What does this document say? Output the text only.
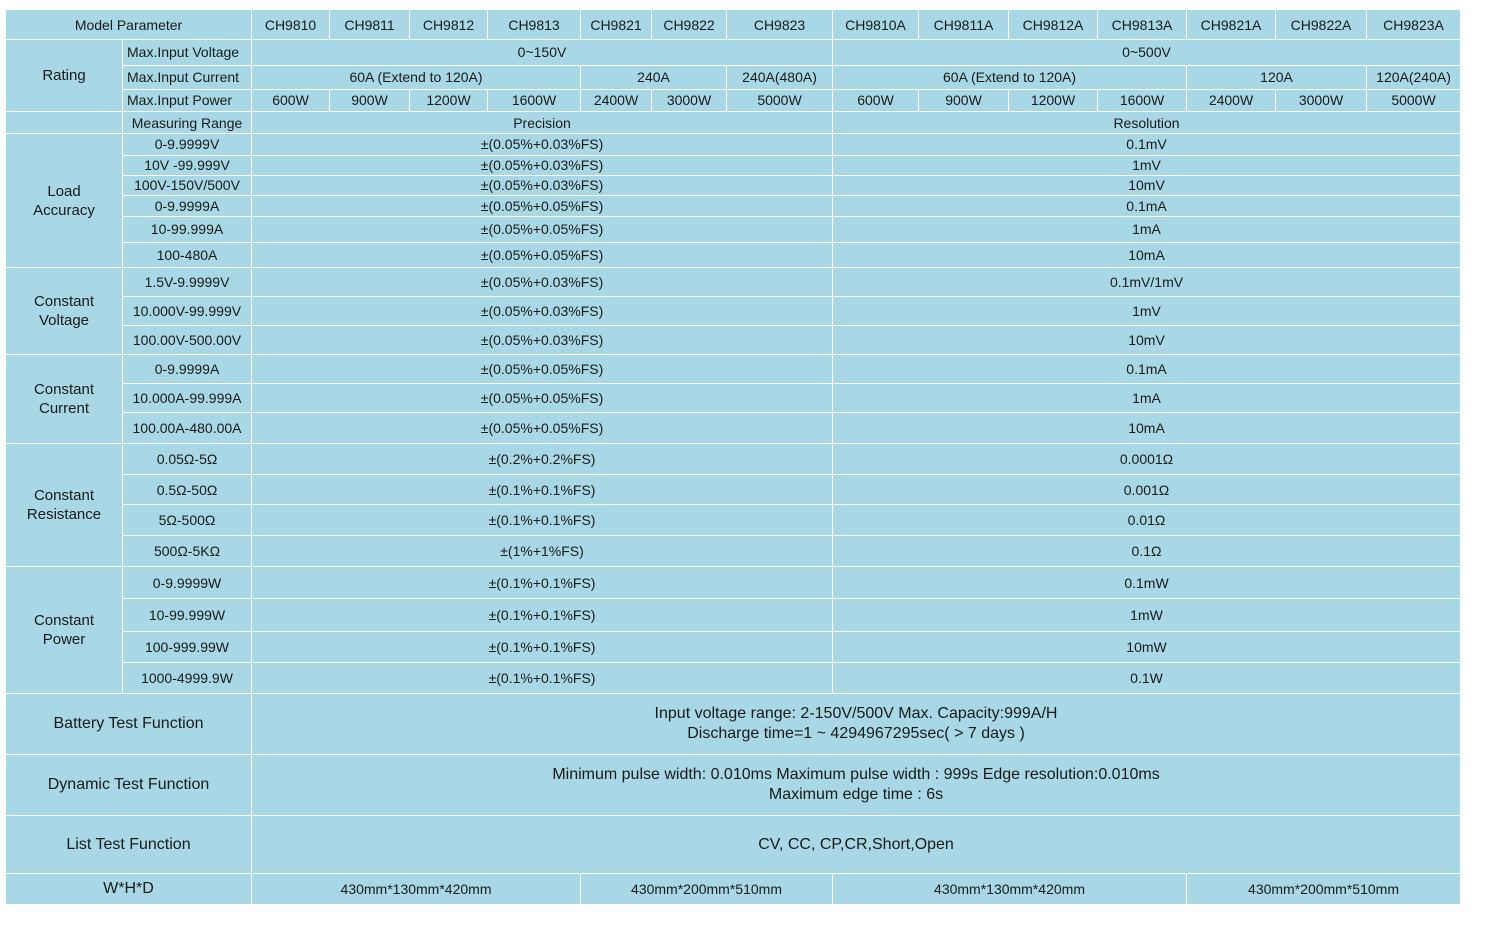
Model Parameter		CH9810	CH9811	CH9812	CH9813	CH9821	CH9822	CH9823	CH9810A	CH9811A	CH9812A	CH9813A	CH9821A	CH9822A	CH9823A
Rating	Max.Input Voltage	0~150V							0~500V						
	Max.Input Current	60A (Extend to 120A)				240A		240A(480A)	60A (Extend to 120A)				120A		120A(240A)
	Max.Input Power	600W	900W	1200W	1600W	2400W	3000W	5000W	600W	900W	1200W	1600W	2400W	3000W	5000W
	Measuring Range	Precision							Resolution						

Load
Accuracy	0-9.9999V	±(0.05%+0.03%FS)							0.1mV						
	10V -99.999V	±(0.05%+0.03%FS)							1mV						
	100V-150V/500V	±(0.05%+0.03%FS)							10mV						
	0-9.9999A	±(0.05%+0.05%FS)							0.1mA						
	10-99.999A	±(0.05%+0.05%FS)							1mA						
	100-480A	±(0.05%+0.05%FS)							10mA						

Constant
Voltage	1.5V-9.9999V	±(0.05%+0.03%FS)							0.1mV/1mV						
	10.000V-99.999V	±(0.05%+0.03%FS)							1mV						
	100.00V-500.00V	±(0.05%+0.03%FS)							10mV						

Constant
Current	0-9.9999A	±(0.05%+0.05%FS)							0.1mA						
	10.000A-99.999A	±(0.05%+0.05%FS)							1mA						
	100.00A-480.00A	±(0.05%+0.05%FS)							10mA						

Constant
Resistance	0.05Ω-5Ω	±(0.2%+0.2%FS)							0.0001Ω						
	0.5Ω-50Ω	±(0.1%+0.1%FS)							0.001Ω						
	5Ω-500Ω	±(0.1%+0.1%FS)							0.01Ω						
	500Ω-5KΩ	±(1%+1%FS)							0.1Ω						

Constant
Power	0-9.9999W	±(0.1%+0.1%FS)							0.1mW						
	10-99.999W	±(0.1%+0.1%FS)							1mW						
	100-999.99W	±(0.1%+0.1%FS)							10mW						
	1000-4999.9W	±(0.1%+0.1%FS)							0.1W						
Battery Test Function		Input voltage range: 2-150V/500V Max. Capacity:999A/H
Discharge time=1 ~ 4294967295sec( > 7 days )													

Dynamic Test Function		Minimum pulse width: 0.010ms Maximum pulse width : 999s Edge resolution:0.010ms
Maximum edge time : 6s													

List Test Function		CV, CC, CP,CR,Short,Open													

W*H*D		430mm*130mm*420mm				430mm*200mm*510mm			430mm*130mm*420mm				430mm*200mm*510mm		
